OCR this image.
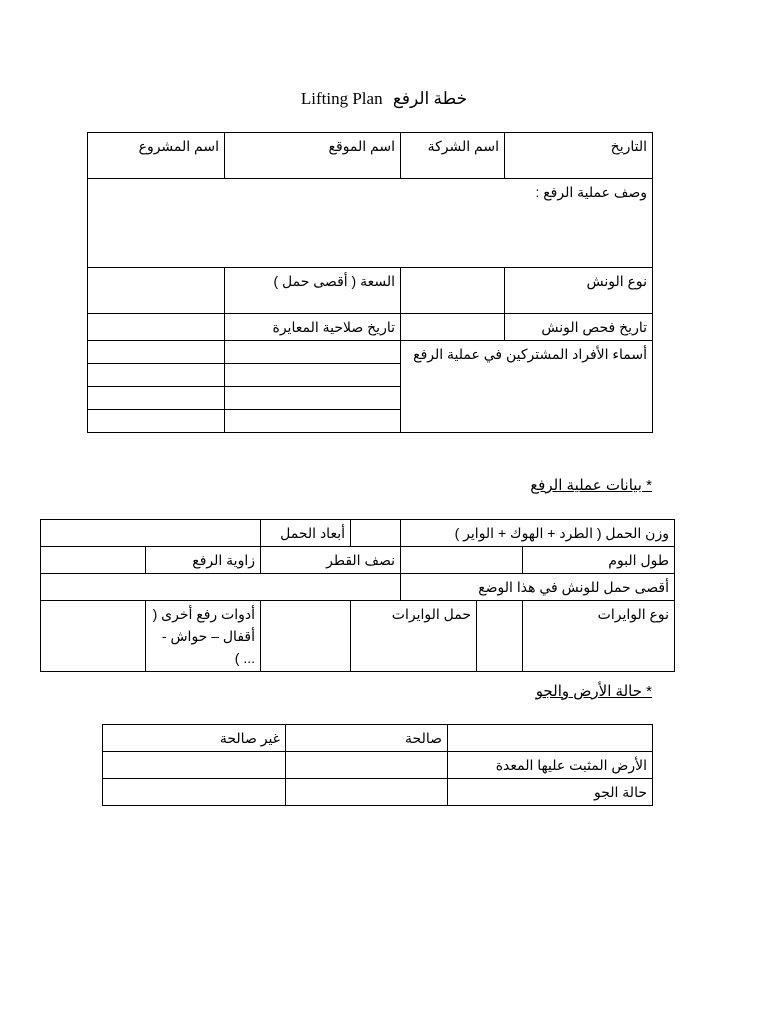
Lifting Plan خطة الرفع
التاريخ	اسم الشركة	اسم الموقع	اسم المشروع
وصف عملية الرفع :			
نوع الونش		السعة ( أقصى حمل )	
تاريخ فحص الونش		تاريخ صلاحية المعايرة	
أسماء الأفراد المشتركين في عملية الرفع			

* بيانات عملية الرفع
وزن الحمل ( الطرد + الهوك + الواير )				أبعاد الحمل		
طول البوم			نصف القطر		زاوية الرفع	
أقصى حمل للونش في هذا الوضع						
نوع الوايرات		حمل الوايرات			أدوات رفع أخرى ( أقفال – حواش - ... )	
* حالة الأرض والجو
	صالحة	غير صالحة
الأرض المثبت عليها المعدة		
حالة الجو		
